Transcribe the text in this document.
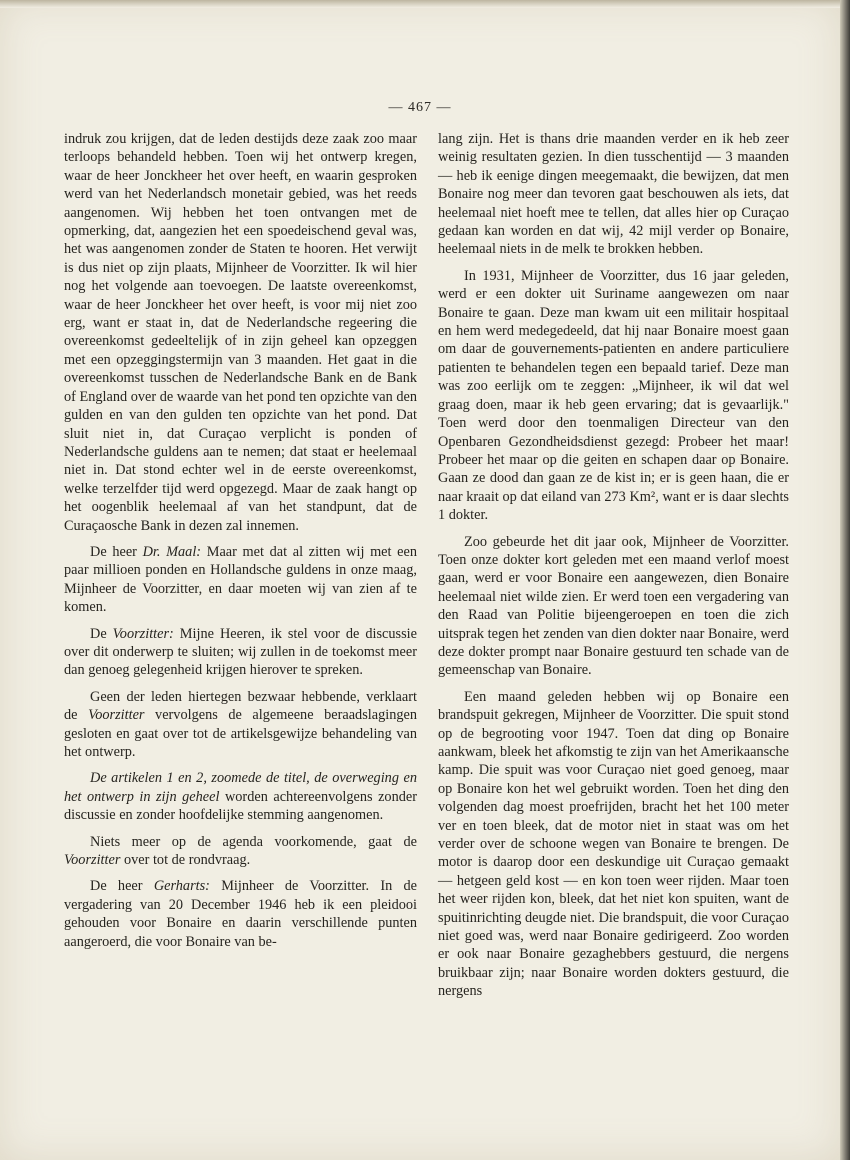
— 467 —

indruk zou krijgen, dat de leden destijds deze zaak zoo maar terloops behandeld hebben. Toen wij het ontwerp kregen, waar de heer Jonckheer het over heeft, en waarin gesproken werd van het Nederlandsch monetair gebied, was het reeds aangenomen. Wij hebben het toen ontvangen met de opmerking, dat, aangezien het een spoedeischend geval was, het was aangenomen zonder de Staten te hooren. Het verwijt is dus niet op zijn plaats, Mijnheer de Voorzitter. Ik wil hier nog het volgende aan toevoegen. De laatste overeenkomst, waar de heer Jonckheer het over heeft, is voor mij niet zoo erg, want er staat in, dat de Nederlandsche regeering die overeenkomst gedeeltelijk of in zijn geheel kan opzeggen met een opzeggingstermijn van 3 maanden. Het gaat in die overeenkomst tusschen de Nederlandsche Bank en de Bank of England over de waarde van het pond ten opzichte van den gulden en van den gulden ten opzichte van het pond. Dat sluit niet in, dat Curaçao verplicht is ponden of Nederlandsche guldens aan te nemen; dat staat er heelemaal niet in. Dat stond echter wel in de eerste overeenkomst, welke terzelfder tijd werd opgezegd. Maar de zaak hangt op het oogenblik heelemaal af van het standpunt, dat de Curaçaosche Bank in dezen zal innemen.

De heer Dr. Maal: Maar met dat al zitten wij met een paar millioen ponden en Hollandsche guldens in onze maag, Mijnheer de Voorzitter, en daar moeten wij van zien af te komen.

De Voorzitter: Mijne Heeren, ik stel voor de discussie over dit onderwerp te sluiten; wij zullen in de toekomst meer dan genoeg gelegenheid krijgen hierover te spreken.

Geen der leden hiertegen bezwaar hebbende, verklaart de Voorzitter vervolgens de algemeene beraadslagingen gesloten en gaat over tot de artikelsgewijze behandeling van het ontwerp.

De artikelen 1 en 2, zoomede de titel, de overweging en het ontwerp in zijn geheel worden achtereenvolgens zonder discussie en zonder hoofdelijke stemming aangenomen.

Niets meer op de agenda voorkomende, gaat de Voorzitter over tot de rondvraag.

De heer Gerharts: Mijnheer de Voorzitter. In de vergadering van 20 December 1946 heb ik een pleidooi gehouden voor Bonaire en daarin verschillende punten aangeroerd, die voor Bonaire van be-

lang zijn. Het is thans drie maanden verder en ik heb zeer weinig resultaten gezien. In dien tusschentijd — 3 maanden — heb ik eenige dingen meegemaakt, die bewijzen, dat men Bonaire nog meer dan tevoren gaat beschouwen als iets, dat heelemaal niet hoeft mee te tellen, dat alles hier op Curaçao gedaan kan worden en dat wij, 42 mijl verder op Bonaire, heelemaal niets in de melk te brokken hebben.

In 1931, Mijnheer de Voorzitter, dus 16 jaar geleden, werd er een dokter uit Suriname aangewezen om naar Bonaire te gaan. Deze man kwam uit een militair hospitaal en hem werd medegedeeld, dat hij naar Bonaire moest gaan om daar de gouvernements-patienten en andere particuliere patienten te behandelen tegen een bepaald tarief. Deze man was zoo eerlijk om te zeggen: „Mijnheer, ik wil dat wel graag doen, maar ik heb geen ervaring; dat is gevaarlijk." Toen werd door den toenmaligen Directeur van den Openbaren Gezondheidsdienst gezegd: Probeer het maar! Probeer het maar op die geiten en schapen daar op Bonaire. Gaan ze dood dan gaan ze de kist in; er is geen haan, die er naar kraait op dat eiland van 273 Km², want er is daar slechts 1 dokter.

Zoo gebeurde het dit jaar ook, Mijnheer de Voorzitter. Toen onze dokter kort geleden met een maand verlof moest gaan, werd er voor Bonaire een aangewezen, dien Bonaire heelemaal niet wilde zien. Er werd toen een vergadering van den Raad van Politie bijeengeroepen en toen die zich uitsprak tegen het zenden van dien dokter naar Bonaire, werd deze dokter prompt naar Bonaire gestuurd ten schade van de gemeenschap van Bonaire.

Een maand geleden hebben wij op Bonaire een brandspuit gekregen, Mijnheer de Voorzitter. Die spuit stond op de begrooting voor 1947. Toen dat ding op Bonaire aankwam, bleek het afkomstig te zijn van het Amerikaansche kamp. Die spuit was voor Curaçao niet goed genoeg, maar op Bonaire kon het wel gebruikt worden. Toen het ding den volgenden dag moest proefrijden, bracht het het 100 meter ver en toen bleek, dat de motor niet in staat was om het verder over de schoone wegen van Bonaire te brengen. De motor is daarop door een deskundige uit Curaçao gemaakt — hetgeen geld kost — en kon toen weer rijden. Maar toen het weer rijden kon, bleek, dat het niet kon spuiten, want de spuitinrichting deugde niet. Die brandspuit, die voor Curaçao niet goed was, werd naar Bonaire gedirigeerd. Zoo worden er ook naar Bonaire gezaghebbers gestuurd, die nergens bruikbaar zijn; naar Bonaire worden dokters gestuurd, die nergens
